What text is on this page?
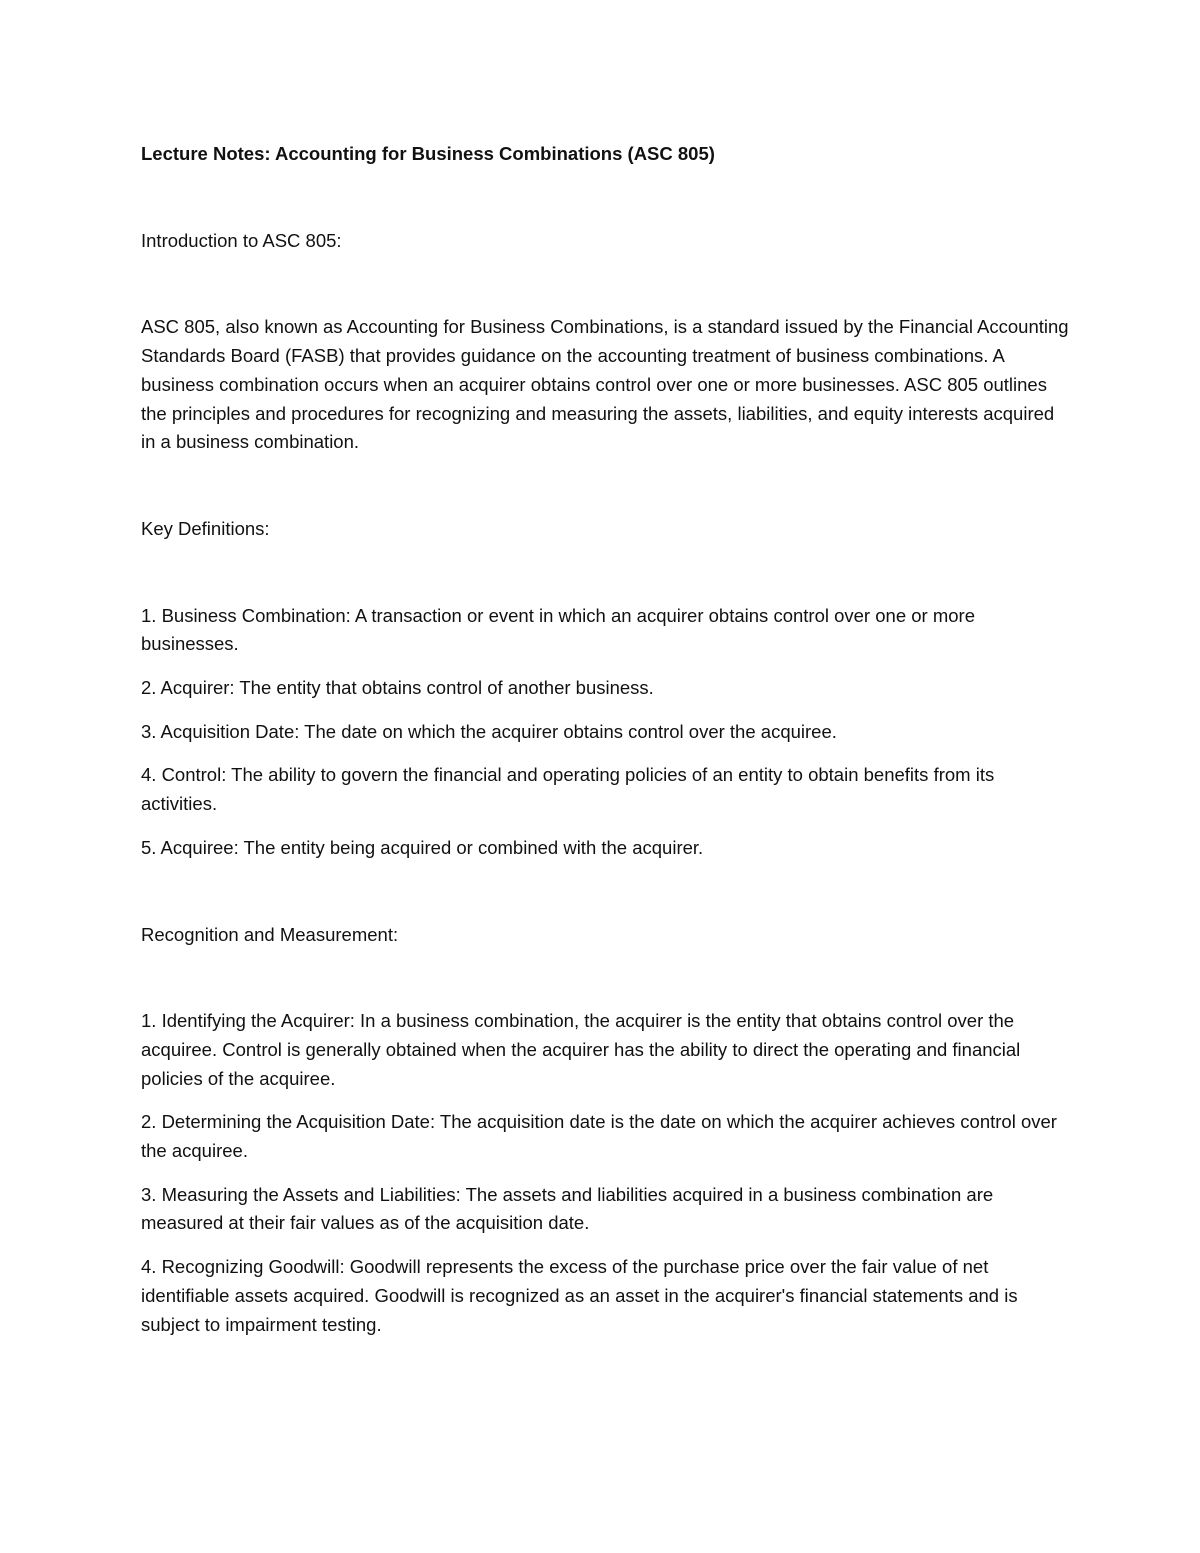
Lecture Notes: Accounting for Business Combinations (ASC 805)

Introduction to ASC 805:

ASC 805, also known as Accounting for Business Combinations, is a standard issued by the Financial Accounting Standards Board (FASB) that provides guidance on the accounting treatment of business combinations. A business combination occurs when an acquirer obtains control over one or more businesses. ASC 805 outlines the principles and procedures for recognizing and measuring the assets, liabilities, and equity interests acquired in a business combination.

Key Definitions:

1. Business Combination: A transaction or event in which an acquirer obtains control over one or more businesses.
2. Acquirer: The entity that obtains control of another business.
3. Acquisition Date: The date on which the acquirer obtains control over the acquiree.
4. Control: The ability to govern the financial and operating policies of an entity to obtain benefits from its activities.
5. Acquiree: The entity being acquired or combined with the acquirer.

Recognition and Measurement:

1. Identifying the Acquirer: In a business combination, the acquirer is the entity that obtains control over the acquiree. Control is generally obtained when the acquirer has the ability to direct the operating and financial policies of the acquiree.
2. Determining the Acquisition Date: The acquisition date is the date on which the acquirer achieves control over the acquiree.
3. Measuring the Assets and Liabilities: The assets and liabilities acquired in a business combination are measured at their fair values as of the acquisition date.
4. Recognizing Goodwill: Goodwill represents the excess of the purchase price over the fair value of net identifiable assets acquired. Goodwill is recognized as an asset in the acquirer's financial statements and is subject to impairment testing.
